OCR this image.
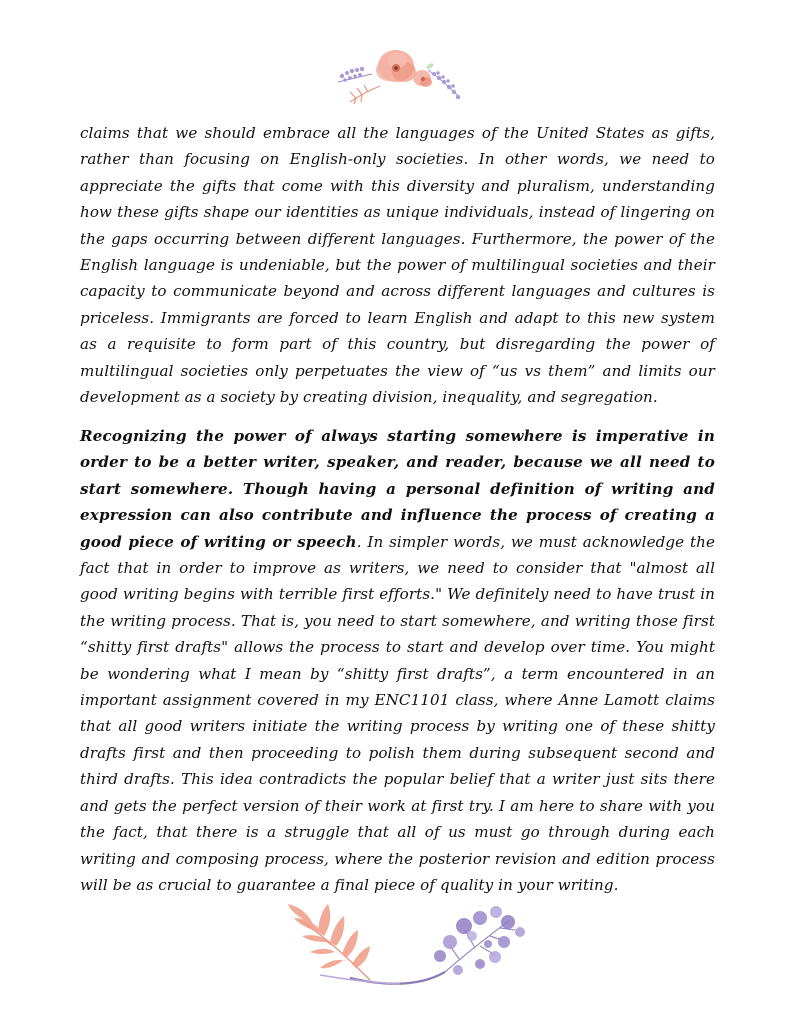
claims that we should embrace all the languages of the United States as gifts, rather than focusing on English-only societies. In other words, we need to appreciate the gifts that come with this diversity and pluralism, understanding how these gifts shape our identities as unique individuals, instead of lingering on the gaps occurring between different languages. Furthermore, the power of the English language is undeniable, but the power of multilingual societies and their capacity to communicate beyond and across different languages and cultures is priceless. Immigrants are forced to learn English and adapt to this new system as a requisite to form part of this country, but disregarding the power of multilingual societies only perpetuates the view of “us vs them” and limits our development as a society by creating division, inequality, and segregation.

Recognizing the power of always starting somewhere is imperative in order to be a better writer, speaker, and reader, because we all need to start somewhere. Though having a personal definition of writing and expression can also contribute and influence the process of creating a good piece of writing or speech. In simpler words, we must acknowledge the fact that in order to improve as writers, we need to consider that "almost all good writing begins with terrible first efforts." We definitely need to have trust in the writing process. That is, you need to start somewhere, and writing those first “shitty first drafts" allows the process to start and develop over time. You might be wondering what I mean by “shitty first drafts”, a term encountered in an important assignment covered in my ENC1101 class, where Anne Lamott claims that all good writers initiate the writing process by writing one of these shitty drafts first and then proceeding to polish them during subsequent second and third drafts. This idea contradicts the popular belief that a writer just sits there and gets the perfect version of their work at first try. I am here to share with you the fact, that there is a struggle that all of us must go through during each writing and composing process, where the posterior revision and edition process will be as crucial to guarantee a final piece of quality in your writing.
